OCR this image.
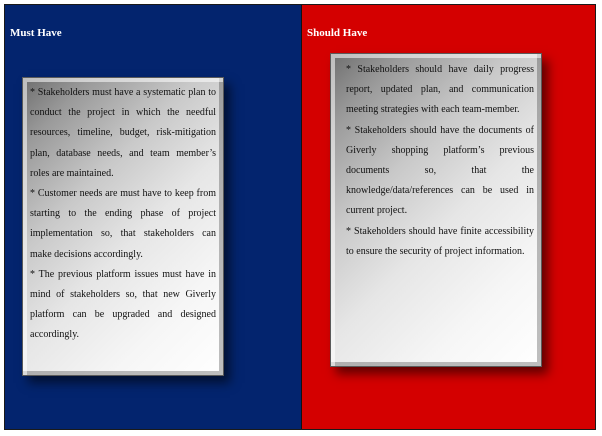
Must Have

* Stakeholders must have a systematic plan to conduct the project in which the needful resources, timeline, budget, risk-mitigation plan, database needs, and team member’s roles are maintained.

* Customer needs are must have to keep from starting to the ending phase of project implementation so, that stakeholders can make decisions accordingly.

* The previous platform issues must have in mind of stakeholders so, that new Giverly platform can be upgraded and designed accordingly.

Should Have

* Stakeholders should have daily progress report, updated plan, and communication meeting strategies with each team-member.

* Stakeholders should have the documents of Giverly shopping platform’s previous documents so, that the knowledge/data/references can be used in current project.

* Stakeholders should have finite accessibility to ensure the security of project information.
